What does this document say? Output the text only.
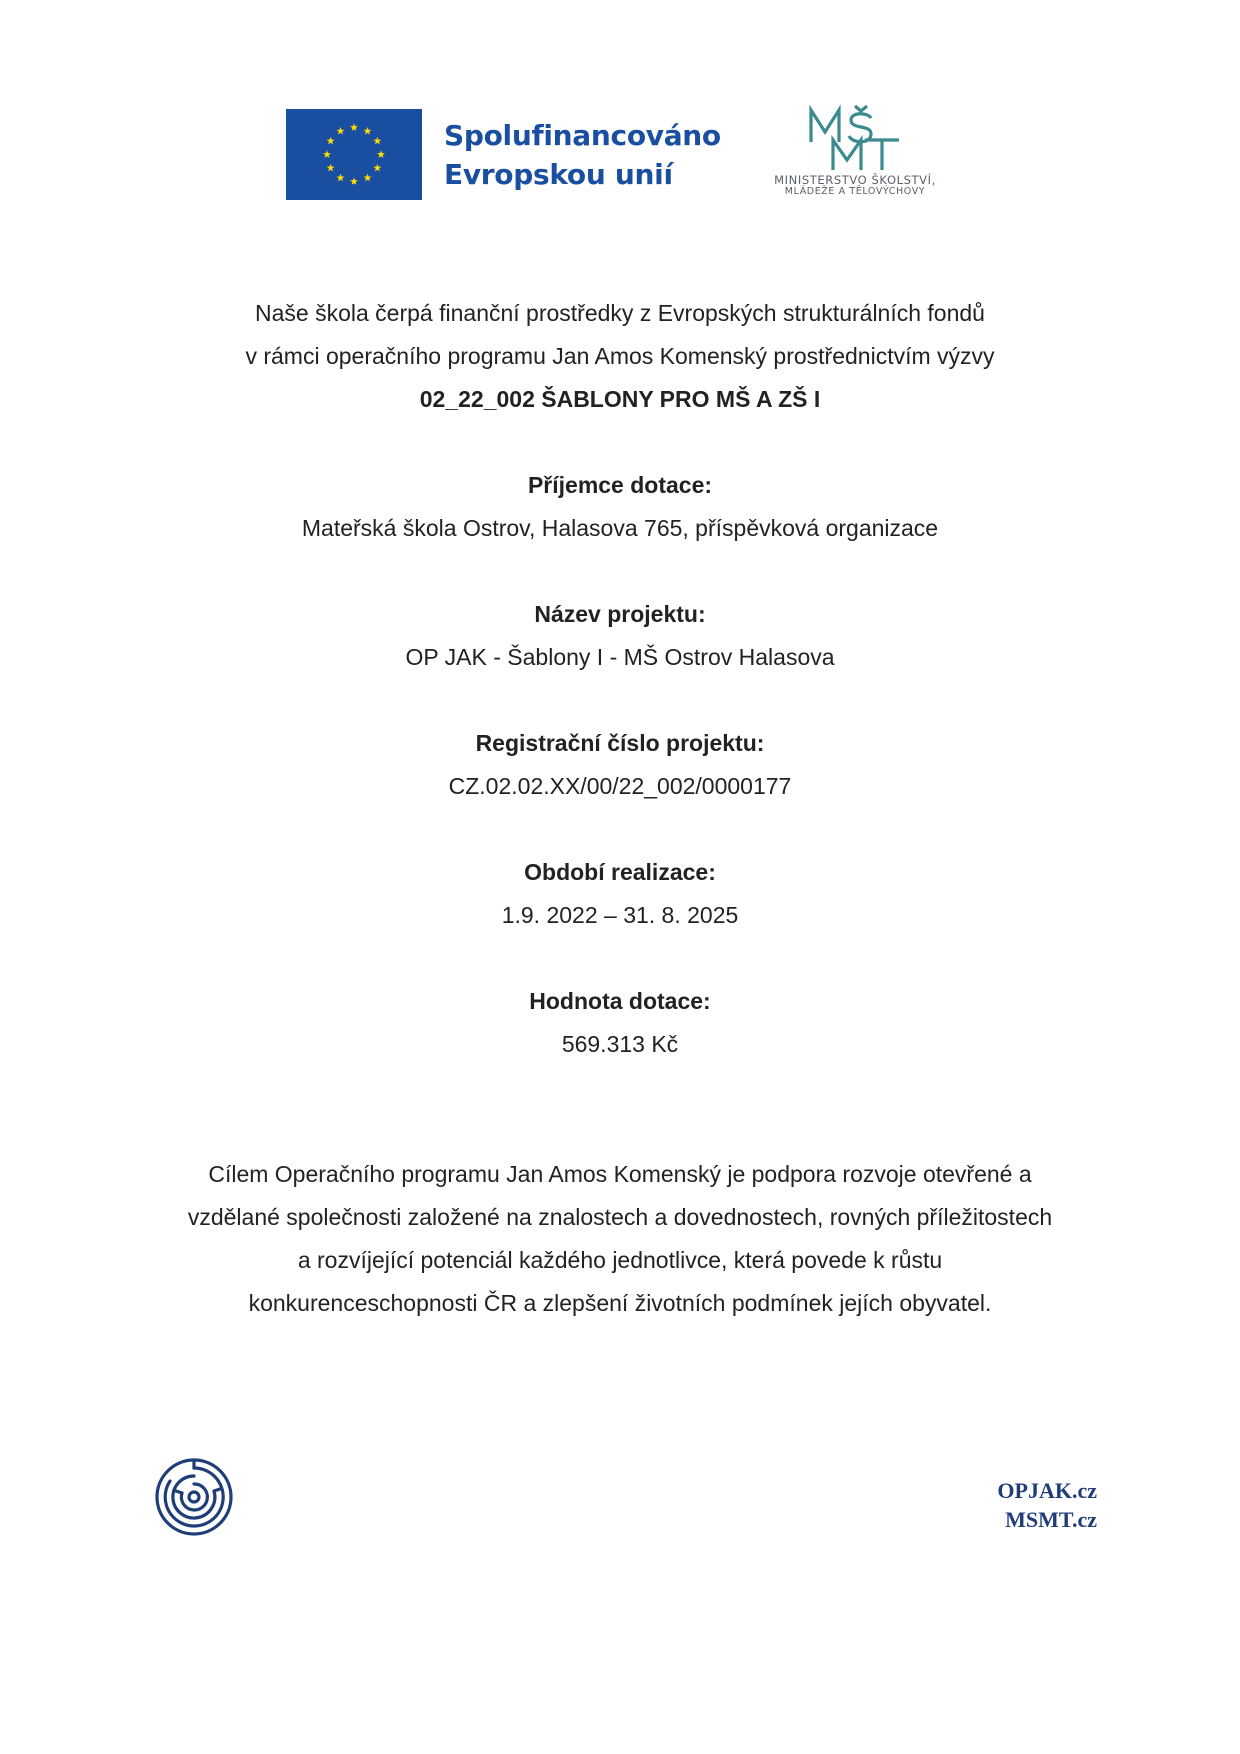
Spolufinancováno
Evropskou unií	MINISTERSTVO ŠKOLSTVÍ,
MLÁDEŽE A TĚLOVÝCHOVY
Naše škola čerpá finanční prostředky z Evropských strukturálních fondů
v rámci operačního programu Jan Amos Komenský prostřednictvím výzvy
02_22_002 ŠABLONY PRO MŠ A ZŠ I
Příjemce dotace:
Mateřská škola Ostrov, Halasova 765, příspěvková organizace
Název projektu:
OP JAK - Šablony I - MŠ Ostrov Halasova
Registrační číslo projektu:
CZ.02.02.XX/00/22_002/0000177
Období realizace:
1.9. 2022 – 31. 8. 2025
Hodnota dotace:
569.313 Kč
Cílem Operačního programu Jan Amos Komenský je podpora rozvoje otevřené a
vzdělané společnosti založené na znalostech a dovednostech, rovných příležitostech
a rozvíjející potenciál každého jednotlivce, která povede k růstu
konkurenceschopnosti ČR a zlepšení životních podmínek jejích obyvatel.
OPJAK.cz
MSMT.cz
